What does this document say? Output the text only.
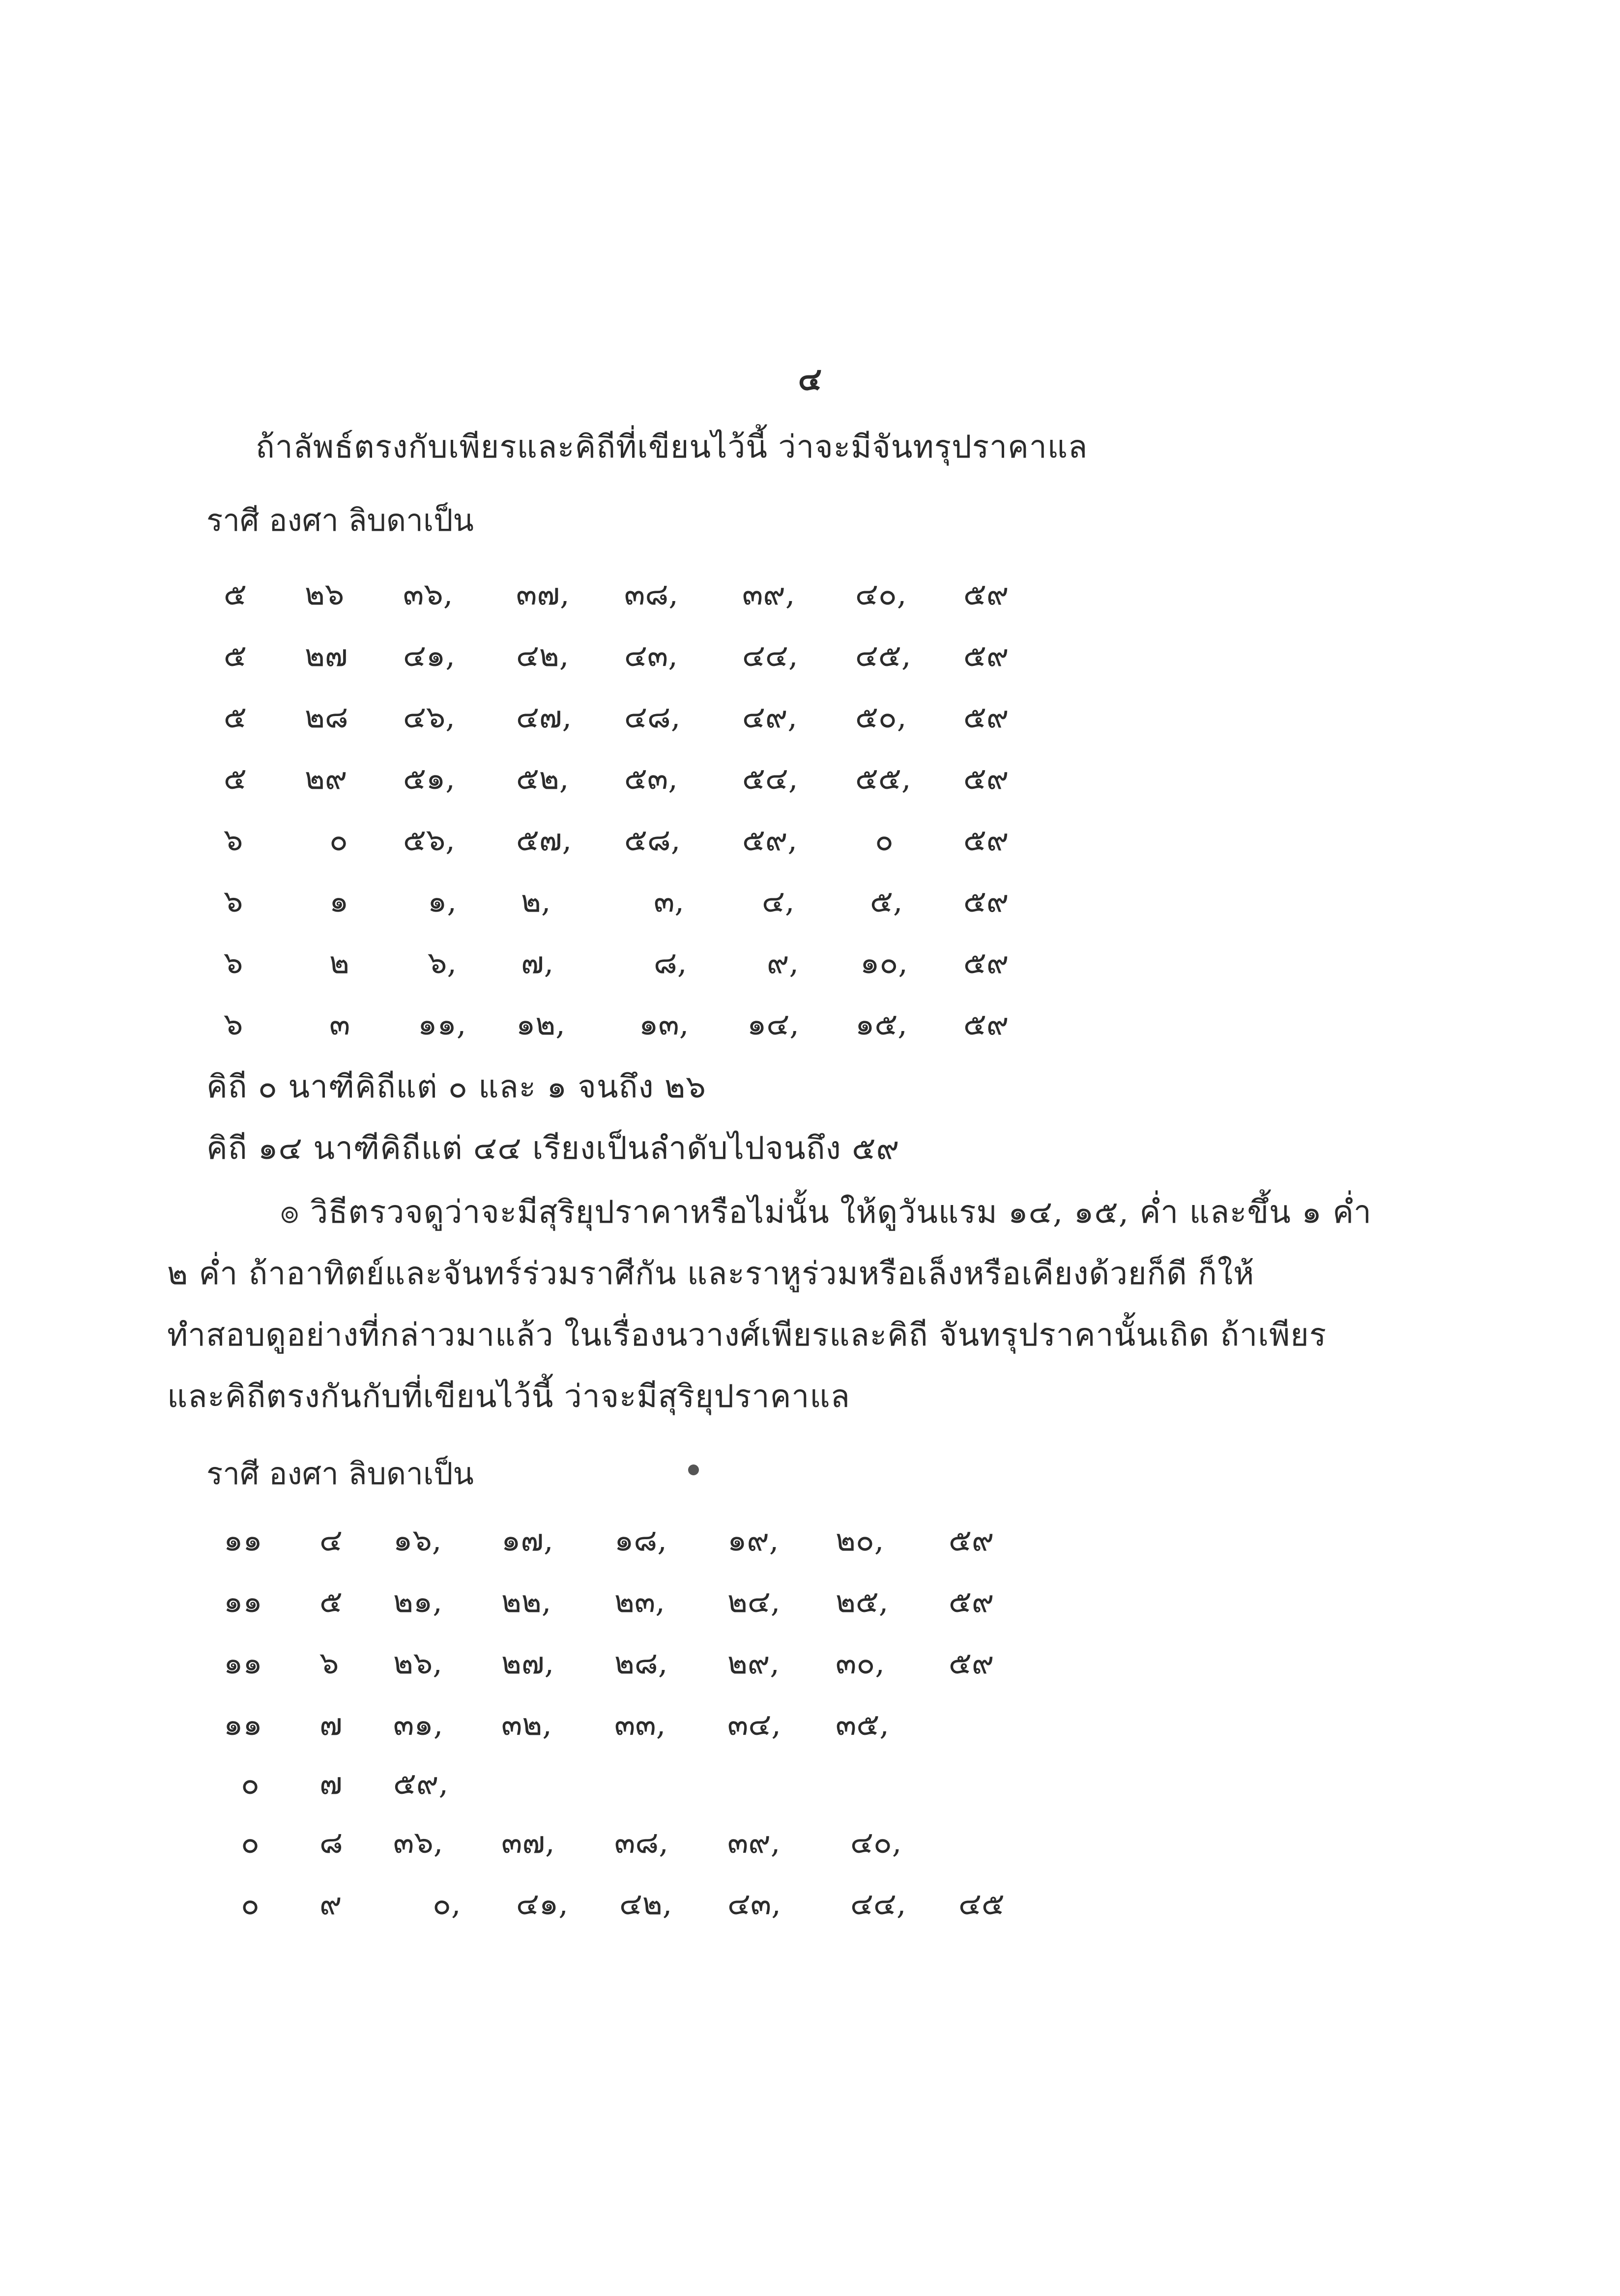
๔
ถ้าลัพธ์ตรงกับเพียรและคิถีที่เขียนไว้นี้ ว่าจะมีจันทรุปราคาแล
ราศี องศา ลิบดาเป็น
๕ ๒๖ ๓๖, ๓๗, ๓๘, ๓๙, ๔๐, ๕๙
๕ ๒๗ ๔๑, ๔๒, ๔๓, ๔๔, ๔๕, ๕๙
๕ ๒๘ ๔๖, ๔๗, ๔๘, ๔๙, ๕๐, ๕๙
๕ ๒๙ ๕๑, ๕๒, ๕๓, ๕๔, ๕๕, ๕๙
๖	๐ ๕๖, ๕๗, ๕๘, ๕๙,	๐ ๕๙
๖	๑	๑, ๒,	๓,	๔, ๕, ๕๙
๖	๒	๖, ๗,	๘,	๙, ๑๐, ๕๙
๖	๓ ๑๑, ๑๒, ๑๓, ๑๔, ๑๕, ๕๙
คิถี ๐ นาฑีคิถีแต่ ๐ และ ๑ จนถึง ๒๖
คิถี ๑๔ นาฑีคิถีแต่ ๔๔ เรียงเป็นลำดับไปจนถึง ๕๙
๏ วิธีตรวจดูว่าจะมีสุริยุปราคาหรือไม่นั้น ให้ดูวันแรม ๑๔, ๑๕, ค่ำ และขึ้น ๑ ค่ำ
๒ ค่ำ ถ้าอาทิตย์และจันทร์ร่วมราศีกัน และราหูร่วมหรือเล็งหรือเคียงด้วยก็ดี ก็ให้
ทำสอบดูอย่างที่กล่าวมาแล้ว ในเรื่องนวางศ์เพียรและคิถี จันทรุปราคานั้นเถิด ถ้าเพียร
และคิถีตรงกันกับที่เขียนไว้นี้ ว่าจะมีสุริยุปราคาแล
ราศี องศา ลิบดาเป็น
๑๑ ๔ ๑๖, ๑๗, ๑๘, ๑๙, ๒๐, ๕๙
๑๑ ๕ ๒๑, ๒๒, ๒๓, ๒๔, ๒๕, ๕๙
๑๑ ๖ ๒๖, ๒๗, ๒๘, ๒๙, ๓๐, ๕๙
๑๑ ๗ ๓๑, ๓๒, ๓๓, ๓๔, ๓๕,
๐ ๗ ๕๙,
๐ ๘ ๓๖, ๓๗, ๓๘, ๓๙, ๔๐,
๐ ๙	๐, ๔๑, ๔๒, ๔๓, ๔๔, ๔๕
